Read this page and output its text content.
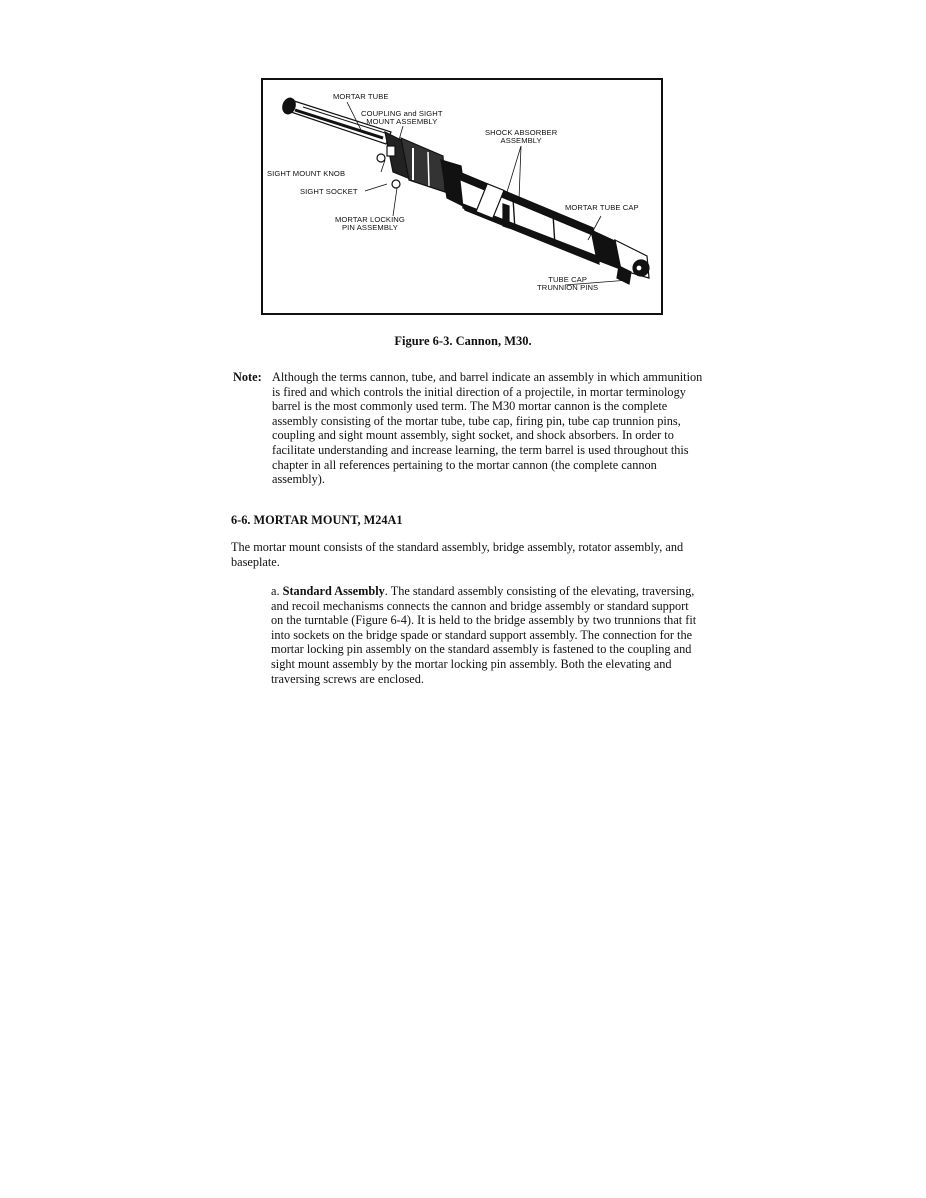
MORTAR TUBE
COUPLING and SIGHT
MOUNT ASSEMBLY
SHOCK ABSORBER
ASSEMBLY
SIGHT MOUNT KNOB
SIGHT SOCKET
MORTAR TUBE CAP
MORTAR LOCKING
PIN ASSEMBLY
TUBE CAP
TRUNNION PINS
Figure 6-3. Cannon, M30.

Note: Although the terms cannon, tube, and barrel indicate an assembly in which ammunition is fired and which controls the initial direction of a projectile, in mortar terminology barrel is the most commonly used term. The M30 mortar cannon is the complete assembly consisting of the mortar tube, tube cap, firing pin, tube cap trunnion pins, coupling and sight mount assembly, sight socket, and shock absorbers. In order to facilitate understanding and increase learning, the term barrel is used throughout this chapter in all references pertaining to the mortar cannon (the complete cannon assembly).

6-6. MORTAR MOUNT, M24A1

The mortar mount consists of the standard assembly, bridge assembly, rotator assembly, and baseplate.

a. Standard Assembly. The standard assembly consisting of the elevating, traversing, and recoil mechanisms connects the cannon and bridge assembly or standard support on the turntable (Figure 6-4). It is held to the bridge assembly by two trunnions that fit into sockets on the bridge spade or standard support assembly. The connection for the mortar locking pin assembly on the standard assembly is fastened to the coupling and sight mount assembly by the mortar locking pin assembly. Both the elevating and traversing screws are enclosed.
